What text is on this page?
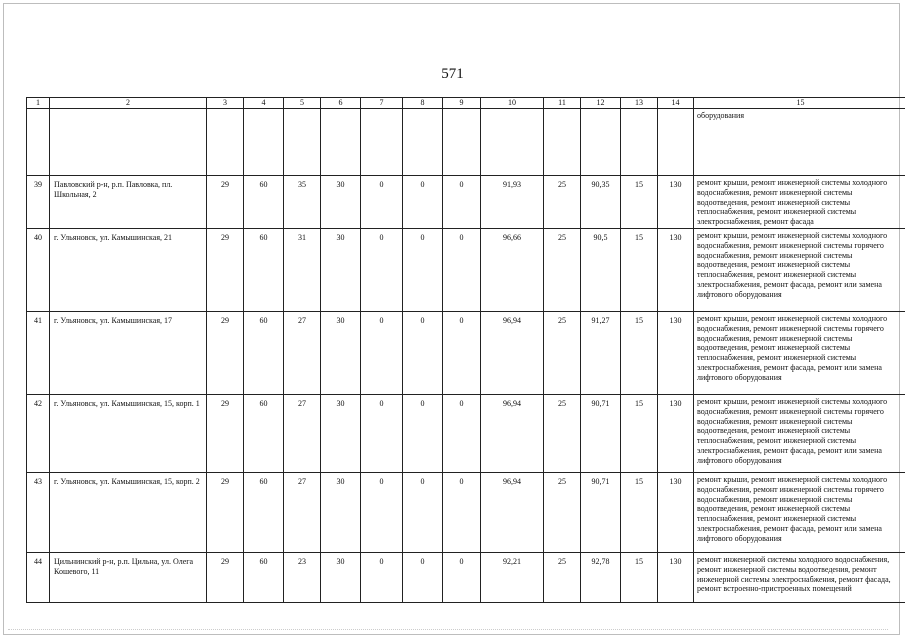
571
1	2	3	4	5	6	7	8	9	10	11	12	13	14	15
														оборудования
39	Павловский р-н, р.п. Павловка, пл. Школьная, 2	29	60	35	30	0	0	0	91,93	25	90,35	15	130	ремонт крыши, ремонт инженерной системы холодного водоснабжения, ремонт инженерной системы водоотведения, ремонт инженерной системы теплоснабжения, ремонт инженерной системы электроснабжения, ремонт фасада
40	г. Ульяновск, ул. Камышинская, 21	29	60	31	30	0	0	0	96,66	25	90,5	15	130	ремонт крыши, ремонт инженерной системы холодного водоснабжения, ремонт инженерной системы горячего водоснабжения, ремонт инженерной системы водоотведения, ремонт инженерной системы теплоснабжения, ремонт инженерной системы электроснабжения, ремонт фасада, ремонт или замена лифтового оборудования
41	г. Ульяновск, ул. Камышинская, 17	29	60	27	30	0	0	0	96,94	25	91,27	15	130	ремонт крыши, ремонт инженерной системы холодного водоснабжения, ремонт инженерной системы горячего водоснабжения, ремонт инженерной системы водоотведения, ремонт инженерной системы теплоснабжения, ремонт инженерной системы электроснабжения, ремонт фасада, ремонт или замена лифтового оборудования
42	г. Ульяновск, ул. Камышинская, 15, корп. 1	29	60	27	30	0	0	0	96,94	25	90,71	15	130	ремонт крыши, ремонт инженерной системы холодного водоснабжения, ремонт инженерной системы горячего водоснабжения, ремонт инженерной системы водоотведения, ремонт инженерной системы теплоснабжения, ремонт инженерной системы электроснабжения, ремонт фасада, ремонт или замена лифтового оборудования
43	г. Ульяновск, ул. Камышинская, 15, корп. 2	29	60	27	30	0	0	0	96,94	25	90,71	15	130	ремонт крыши, ремонт инженерной системы холодного водоснабжения, ремонт инженерной системы горячего водоснабжения, ремонт инженерной системы водоотведения, ремонт инженерной системы теплоснабжения, ремонт инженерной системы электроснабжения, ремонт фасада, ремонт или замена лифтового оборудования
44	Цильнинский р-н, р.п. Цильна, ул. Олега Кошевого, 11	29	60	23	30	0	0	0	92,21	25	92,78	15	130	ремонт инженерной системы холодного водоснабжения, ремонт инженерной системы водоотведения, ремонт инженерной системы электроснабжения, ремонт фасада, ремонт встроенно-пристроенных помещений
